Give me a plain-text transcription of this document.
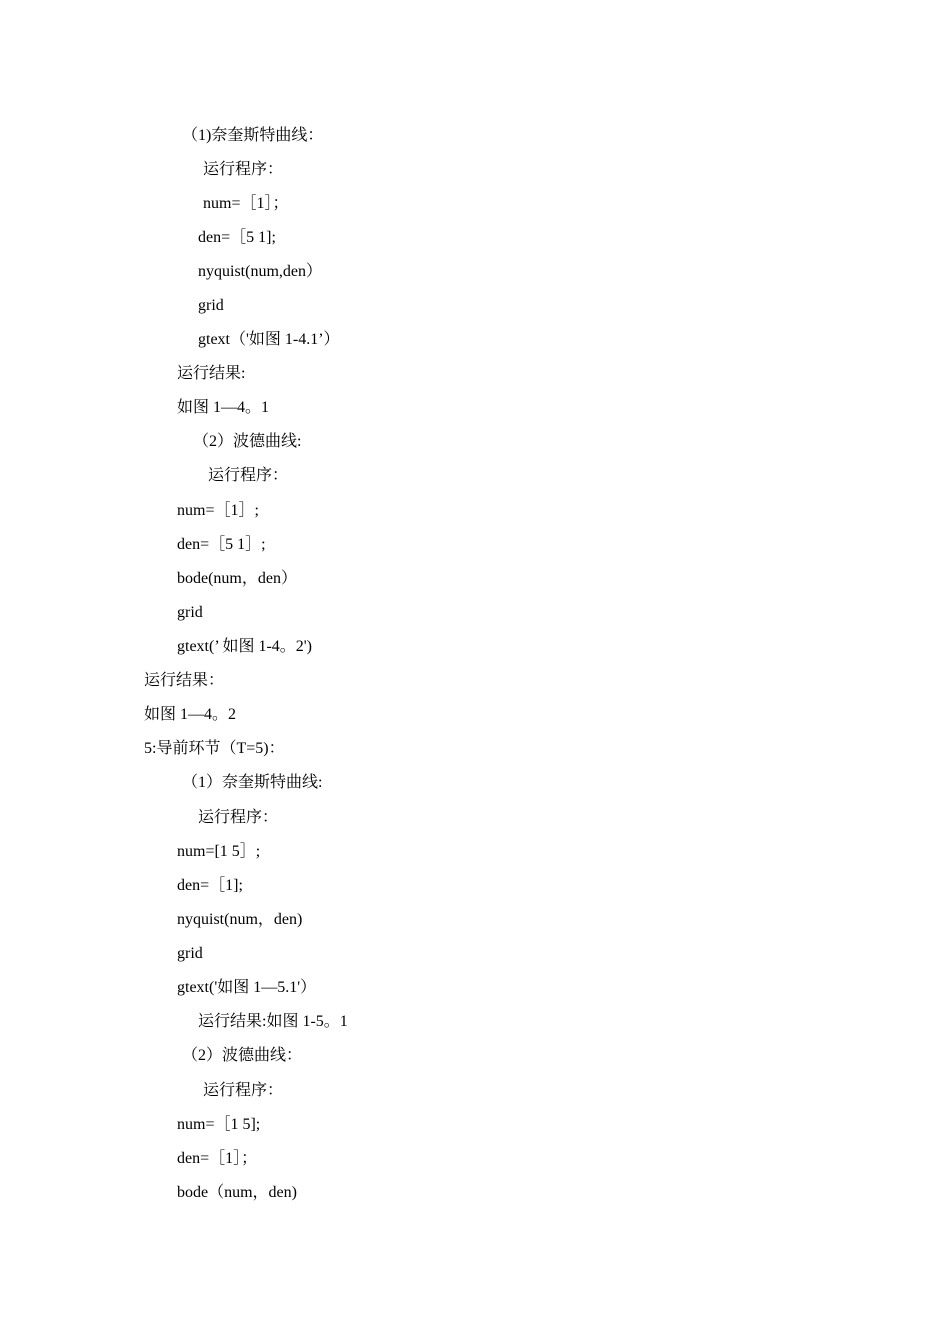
（1)奈奎斯特曲线：
运行程序：
num=［1］；
den=［5 1];
nyquist(num,den）
grid
gtext（'如图 1-4.1’）
运行结果:
如图 1—4。1
（2）波德曲线:
运行程序：
num=［1］;
den=［5 1］;
bode(num，den）
grid
gtext(’ 如图 1-4。2')
运行结果：
如图 1—4。2
5:导前环节（T=5)：
（1）奈奎斯特曲线:
运行程序：
num=[1 5］;
den=［1];
nyquist(num，den)
grid
gtext('如图 1—5.1'）
运行结果:如图 1-5。1
（2）波德曲线：
运行程序：
num=［1 5];
den=［1］；
bode（num，den)
